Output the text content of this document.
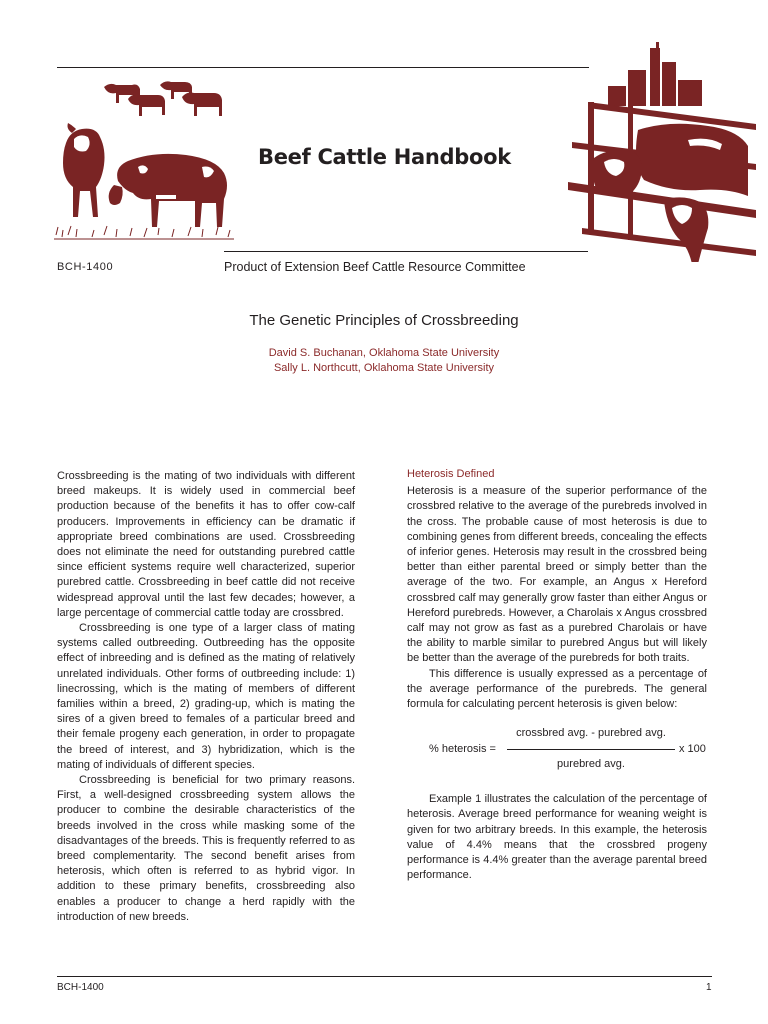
Beef Cattle Handbook
BCH-1400	Product of Extension Beef Cattle Resource Committee
The Genetic Principles of Crossbreeding
David S. Buchanan, Oklahoma State University
Sally L. Northcutt, Oklahoma State University

Crossbreeding is the mating of two individuals with different breed makeups. It is widely used in commercial beef production because of the benefits it has to offer cow-calf producers. Improvements in efficiency can be dramatic if appropriate breed combinations are used. Crossbreeding does not eliminate the need for outstanding purebred cattle since efficient systems require well characterized, superior purebred cattle. Crossbreeding in beef cattle did not receive widespread approval until the last few decades; however, a large percentage of commercial cattle today are crossbred.

Crossbreeding is one type of a larger class of mating systems called outbreeding. Outbreeding has the opposite effect of inbreeding and is defined as the mating of relatively unrelated individuals. Other forms of outbreeding include: 1) linecrossing, which is the mating of members of different families within a breed, 2) grading-up, which is mating the sires of a given breed to females of a particular breed and their female progeny each generation, in order to propagate the breed of interest, and 3) hybridization, which is the mating of individuals of different species.

Crossbreeding is beneficial for two primary reasons. First, a well-designed crossbreeding system allows the producer to combine the desirable characteristics of the breeds involved in the cross while masking some of the disadvantages of the breeds. This is frequently referred to as breed complementarity. The second benefit arises from heterosis, which often is referred to as hybrid vigor. In addition to these primary benefits, crossbreeding also enables a producer to change a herd rapidly with the introduction of new breeds.

Heterosis Defined

Heterosis is a measure of the superior performance of the crossbred relative to the average of the purebreds involved in the cross. The probable cause of most heterosis is due to combining genes from different breeds, concealing the effects of inferior genes. Heterosis may result in the crossbred being better than either parental breed or simply better than the average of the two. For example, an Angus x Hereford crossbred calf may generally grow faster than either Angus or Hereford purebreds. However, a Charolais x Angus crossbred calf may not grow as fast as a purebred Charolais or have the ability to marble similar to purebred Angus but will likely be better than the average of the purebreds for both traits.

This difference is usually expressed as a percentage of the average performance of the purebreds. The general formula for calculating percent heterosis is given below:

crossbred avg. - purebred avg.
% heterosis =	x 100
purebred avg.

Example 1 illustrates the calculation of the percentage of heterosis. Average breed performance for weaning weight is given for two arbitrary breeds. In this example, the heterosis value of 4.4% means that the crossbred progeny performance is 4.4% greater than the average parental breed performance.

BCH-1400	1
